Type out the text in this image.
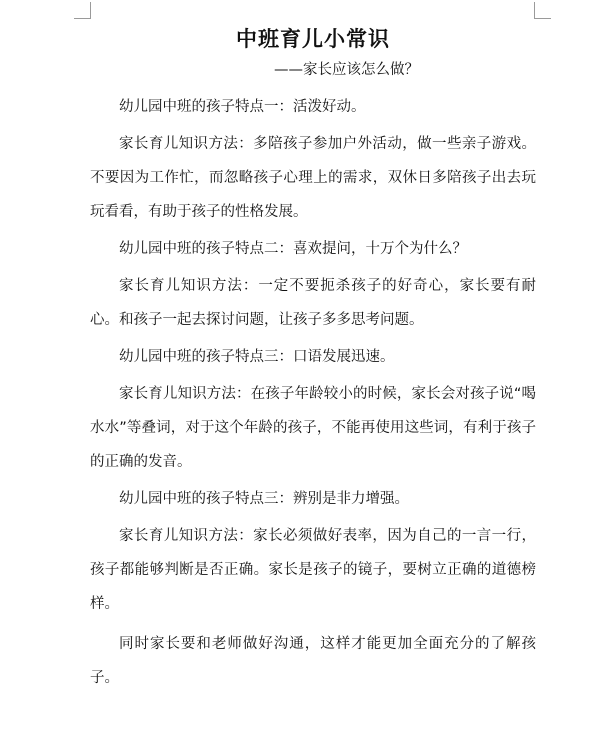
中班育儿小常识

——家长应该怎么做？

幼儿园中班的孩子特点一：活泼好动。

家长育儿知识方法：多陪孩子参加户外活动，做一些亲子游戏。不要因为工作忙，而忽略孩子心理上的需求，双休日多陪孩子出去玩玩看看，有助于孩子的性格发展。

幼儿园中班的孩子特点二：喜欢提问，十万个为什么？

家长育儿知识方法：一定不要扼杀孩子的好奇心，家长要有耐心。和孩子一起去探讨问题，让孩子多多思考问题。

幼儿园中班的孩子特点三：口语发展迅速。

家长育儿知识方法：在孩子年龄较小的时候，家长会对孩子说“喝水水”等叠词，对于这个年龄的孩子，不能再使用这些词，有利于孩子的正确的发音。

幼儿园中班的孩子特点三：辨别是非力增强。

家长育儿知识方法：家长必须做好表率，因为自己的一言一行，孩子都能够判断是否正确。家长是孩子的镜子，要树立正确的道德榜样。

同时家长要和老师做好沟通，这样才能更加全面充分的了解孩子。
